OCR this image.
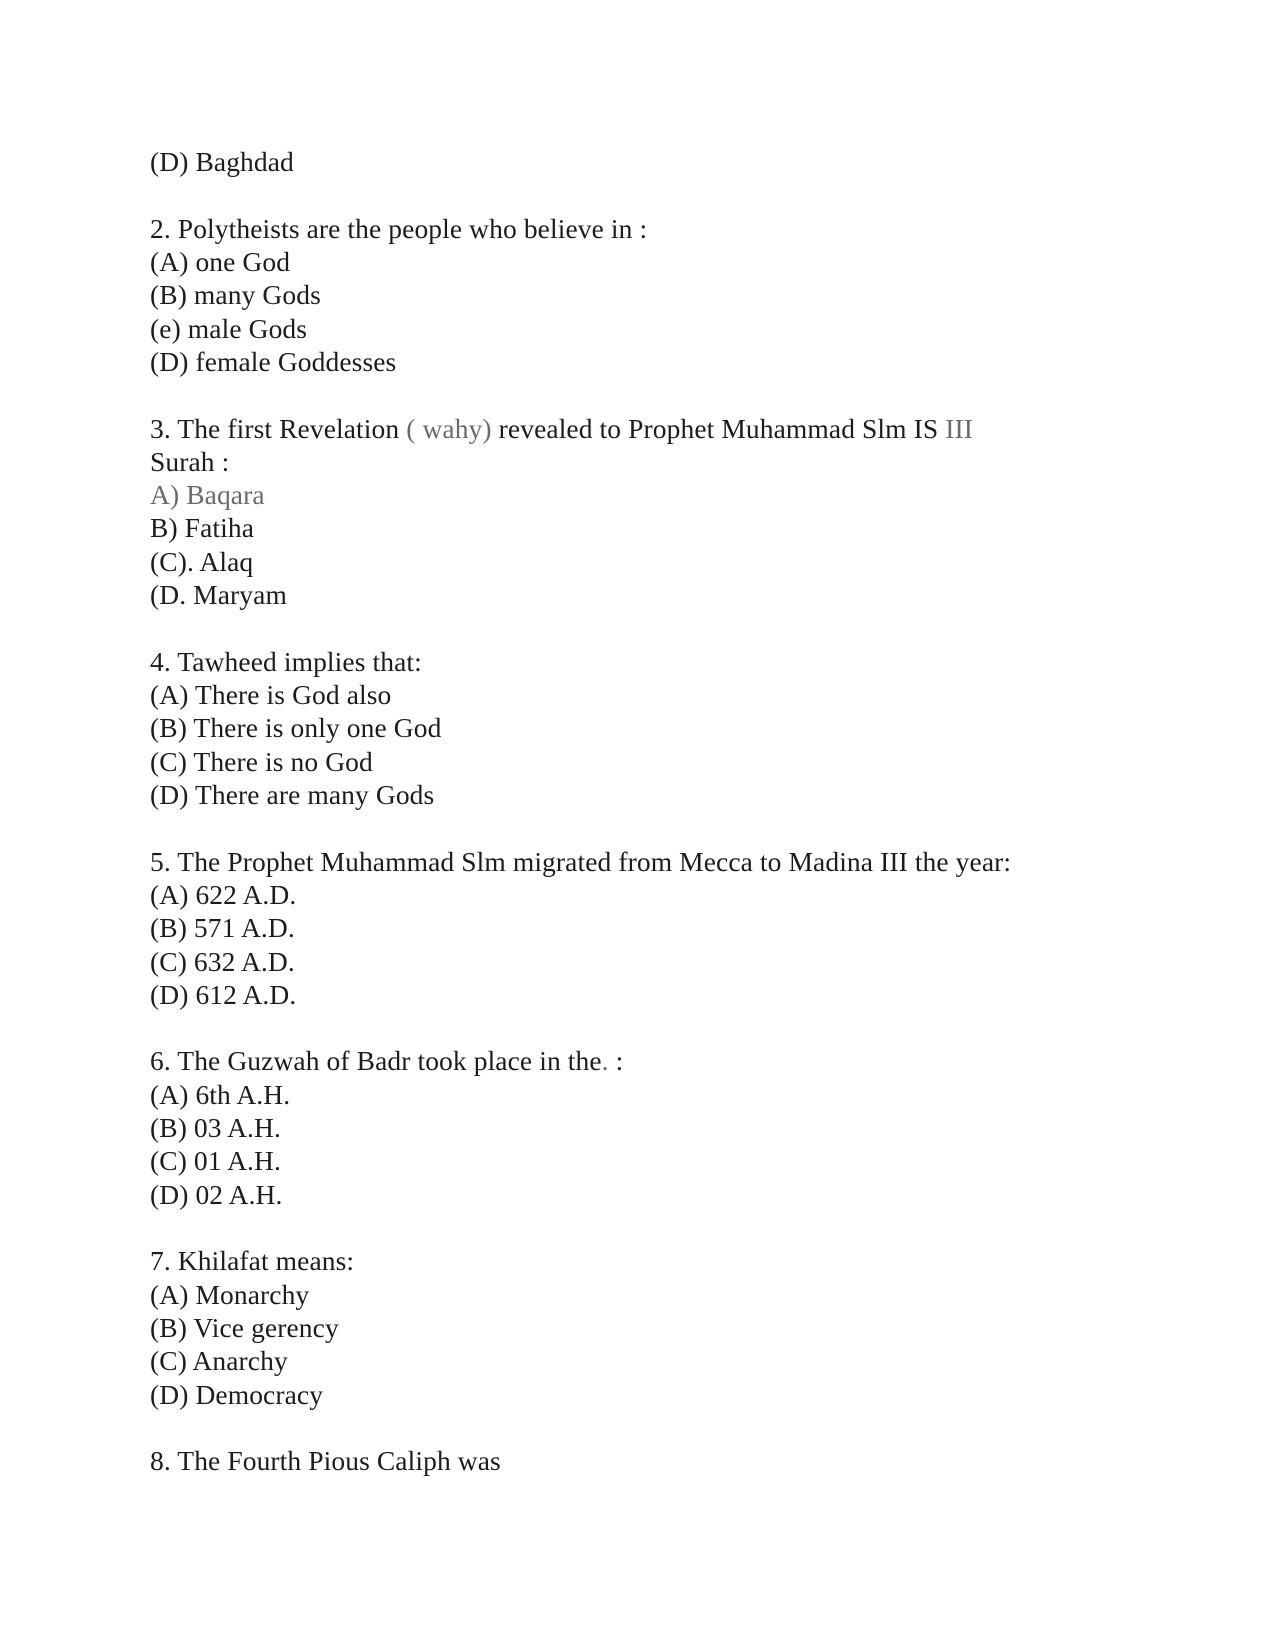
(D) Baghdad
2. Polytheists are the people who believe in :
(A) one God
(B) many Gods
(e) male Gods
(D) female Goddesses
3. The first Revelation ( wahy) revealed to Prophet Muhammad Slm IS III
Surah :
A) Baqara
B) Fatiha
(C). Alaq
(D. Maryam
4. Tawheed implies that:
(A) There is God also
(B) There is only one God
(C) There is no God
(D) There are many Gods
5. The Prophet Muhammad Slm migrated from Mecca to Madina III the year:
(A) 622 A.D.
(B) 571 A.D.
(C) 632 A.D.
(D) 612 A.D.
6. The Guzwah of Badr took place in the. :
(A) 6th A.H.
(B) 03 A.H.
(C) 01 A.H.
(D) 02 A.H.
7. Khilafat means:
(A) Monarchy
(B) Vice gerency
(C) Anarchy
(D) Democracy
8. The Fourth Pious Caliph was
